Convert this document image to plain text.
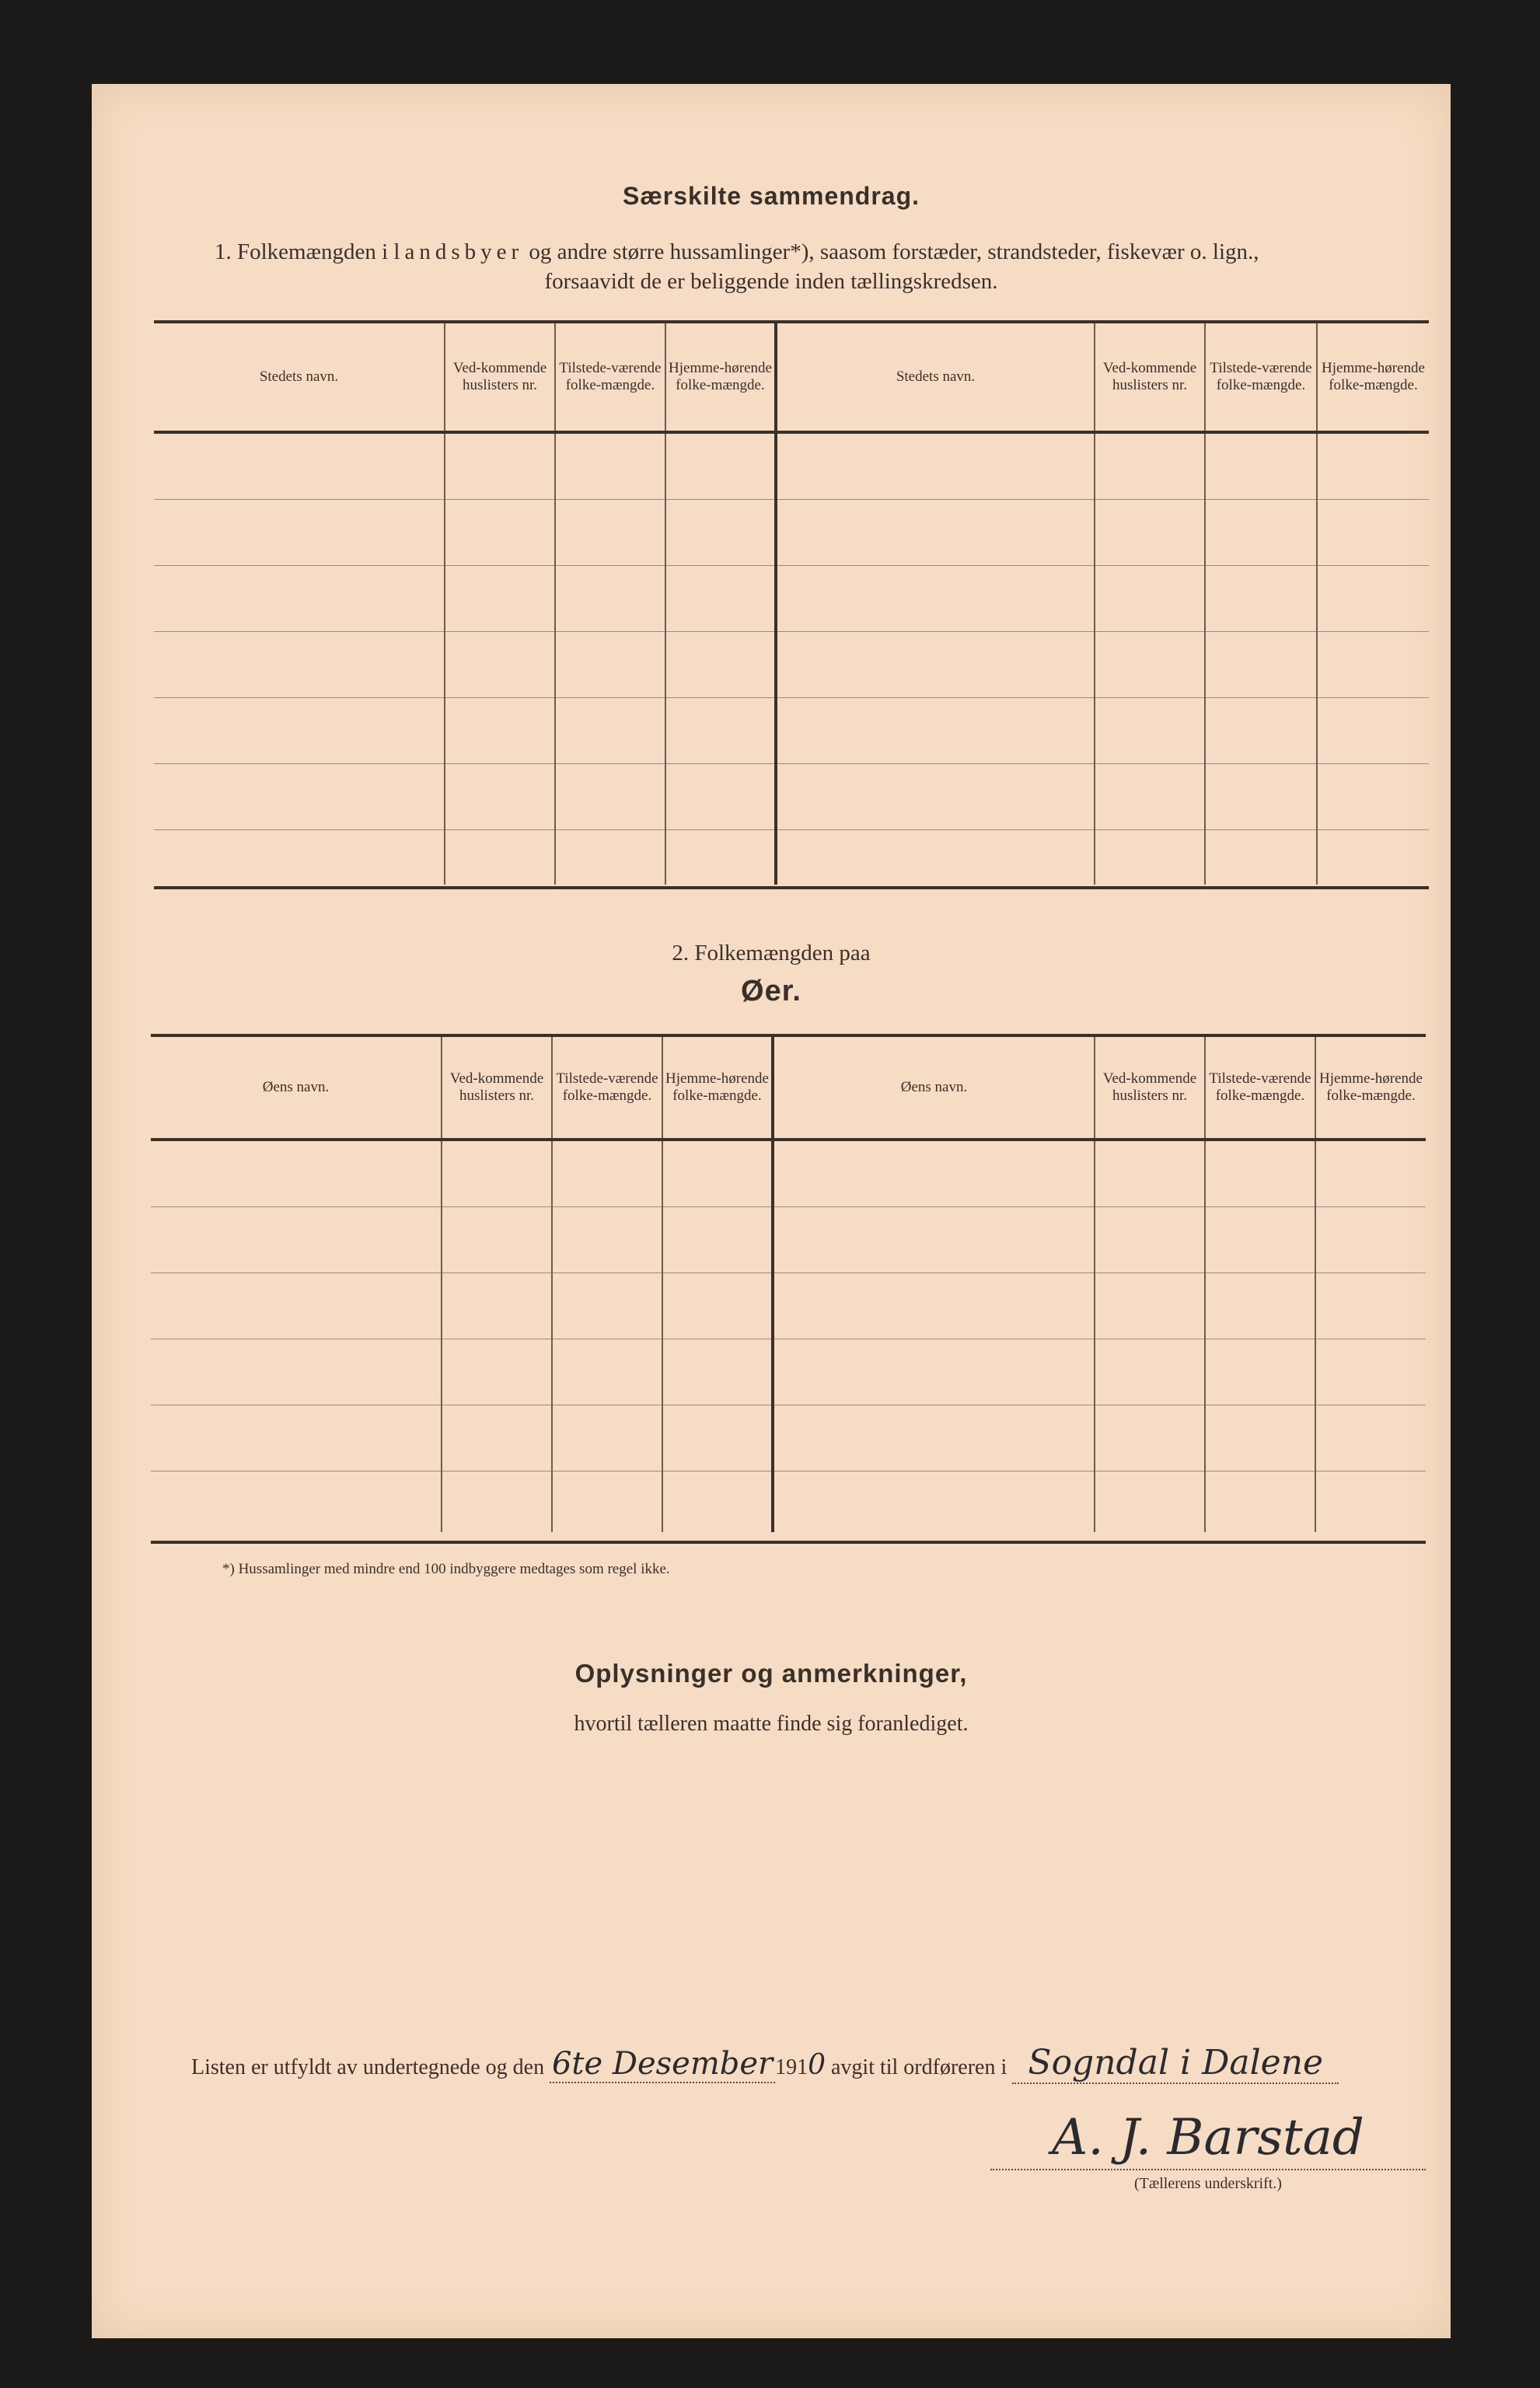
Særskilte sammendrag.
1. Folkemængden i landsbyer og andre større hussamlinger*), saasom forstæder, strandsteder, fiskevær o. lign.,
forsaavidt de er beliggende inden tællingskredsen.
Stedets navn.	Ved-kommende huslisters nr.	Tilstede-værende folke-mængde.	Hjemme-hørende folke-mængde.	Stedets navn.	Ved-kommende huslisters nr.	Tilstede-værende folke-mængde.	Hjemme-hørende folke-mængde.

2. Folkemængden paa
Øer.
Øens navn.	Ved-kommende huslisters nr.	Tilstede-værende folke-mængde.	Hjemme-hørende folke-mængde.	Øens navn.	Ved-kommende huslisters nr.	Tilstede-værende folke-mængde.	Hjemme-hørende folke-mængde.

*) Hussamlinger med mindre end 100 indbyggere medtages som regel ikke.
Oplysninger og anmerkninger,
hvortil tælleren maatte finde sig foranlediget.
Listen er utfyldt av undertegnede og den 6te Desember 1910 avgit til ordføreren i Sogndal i Dalene
A. J. Barstad
(Tællerens underskrift.)
